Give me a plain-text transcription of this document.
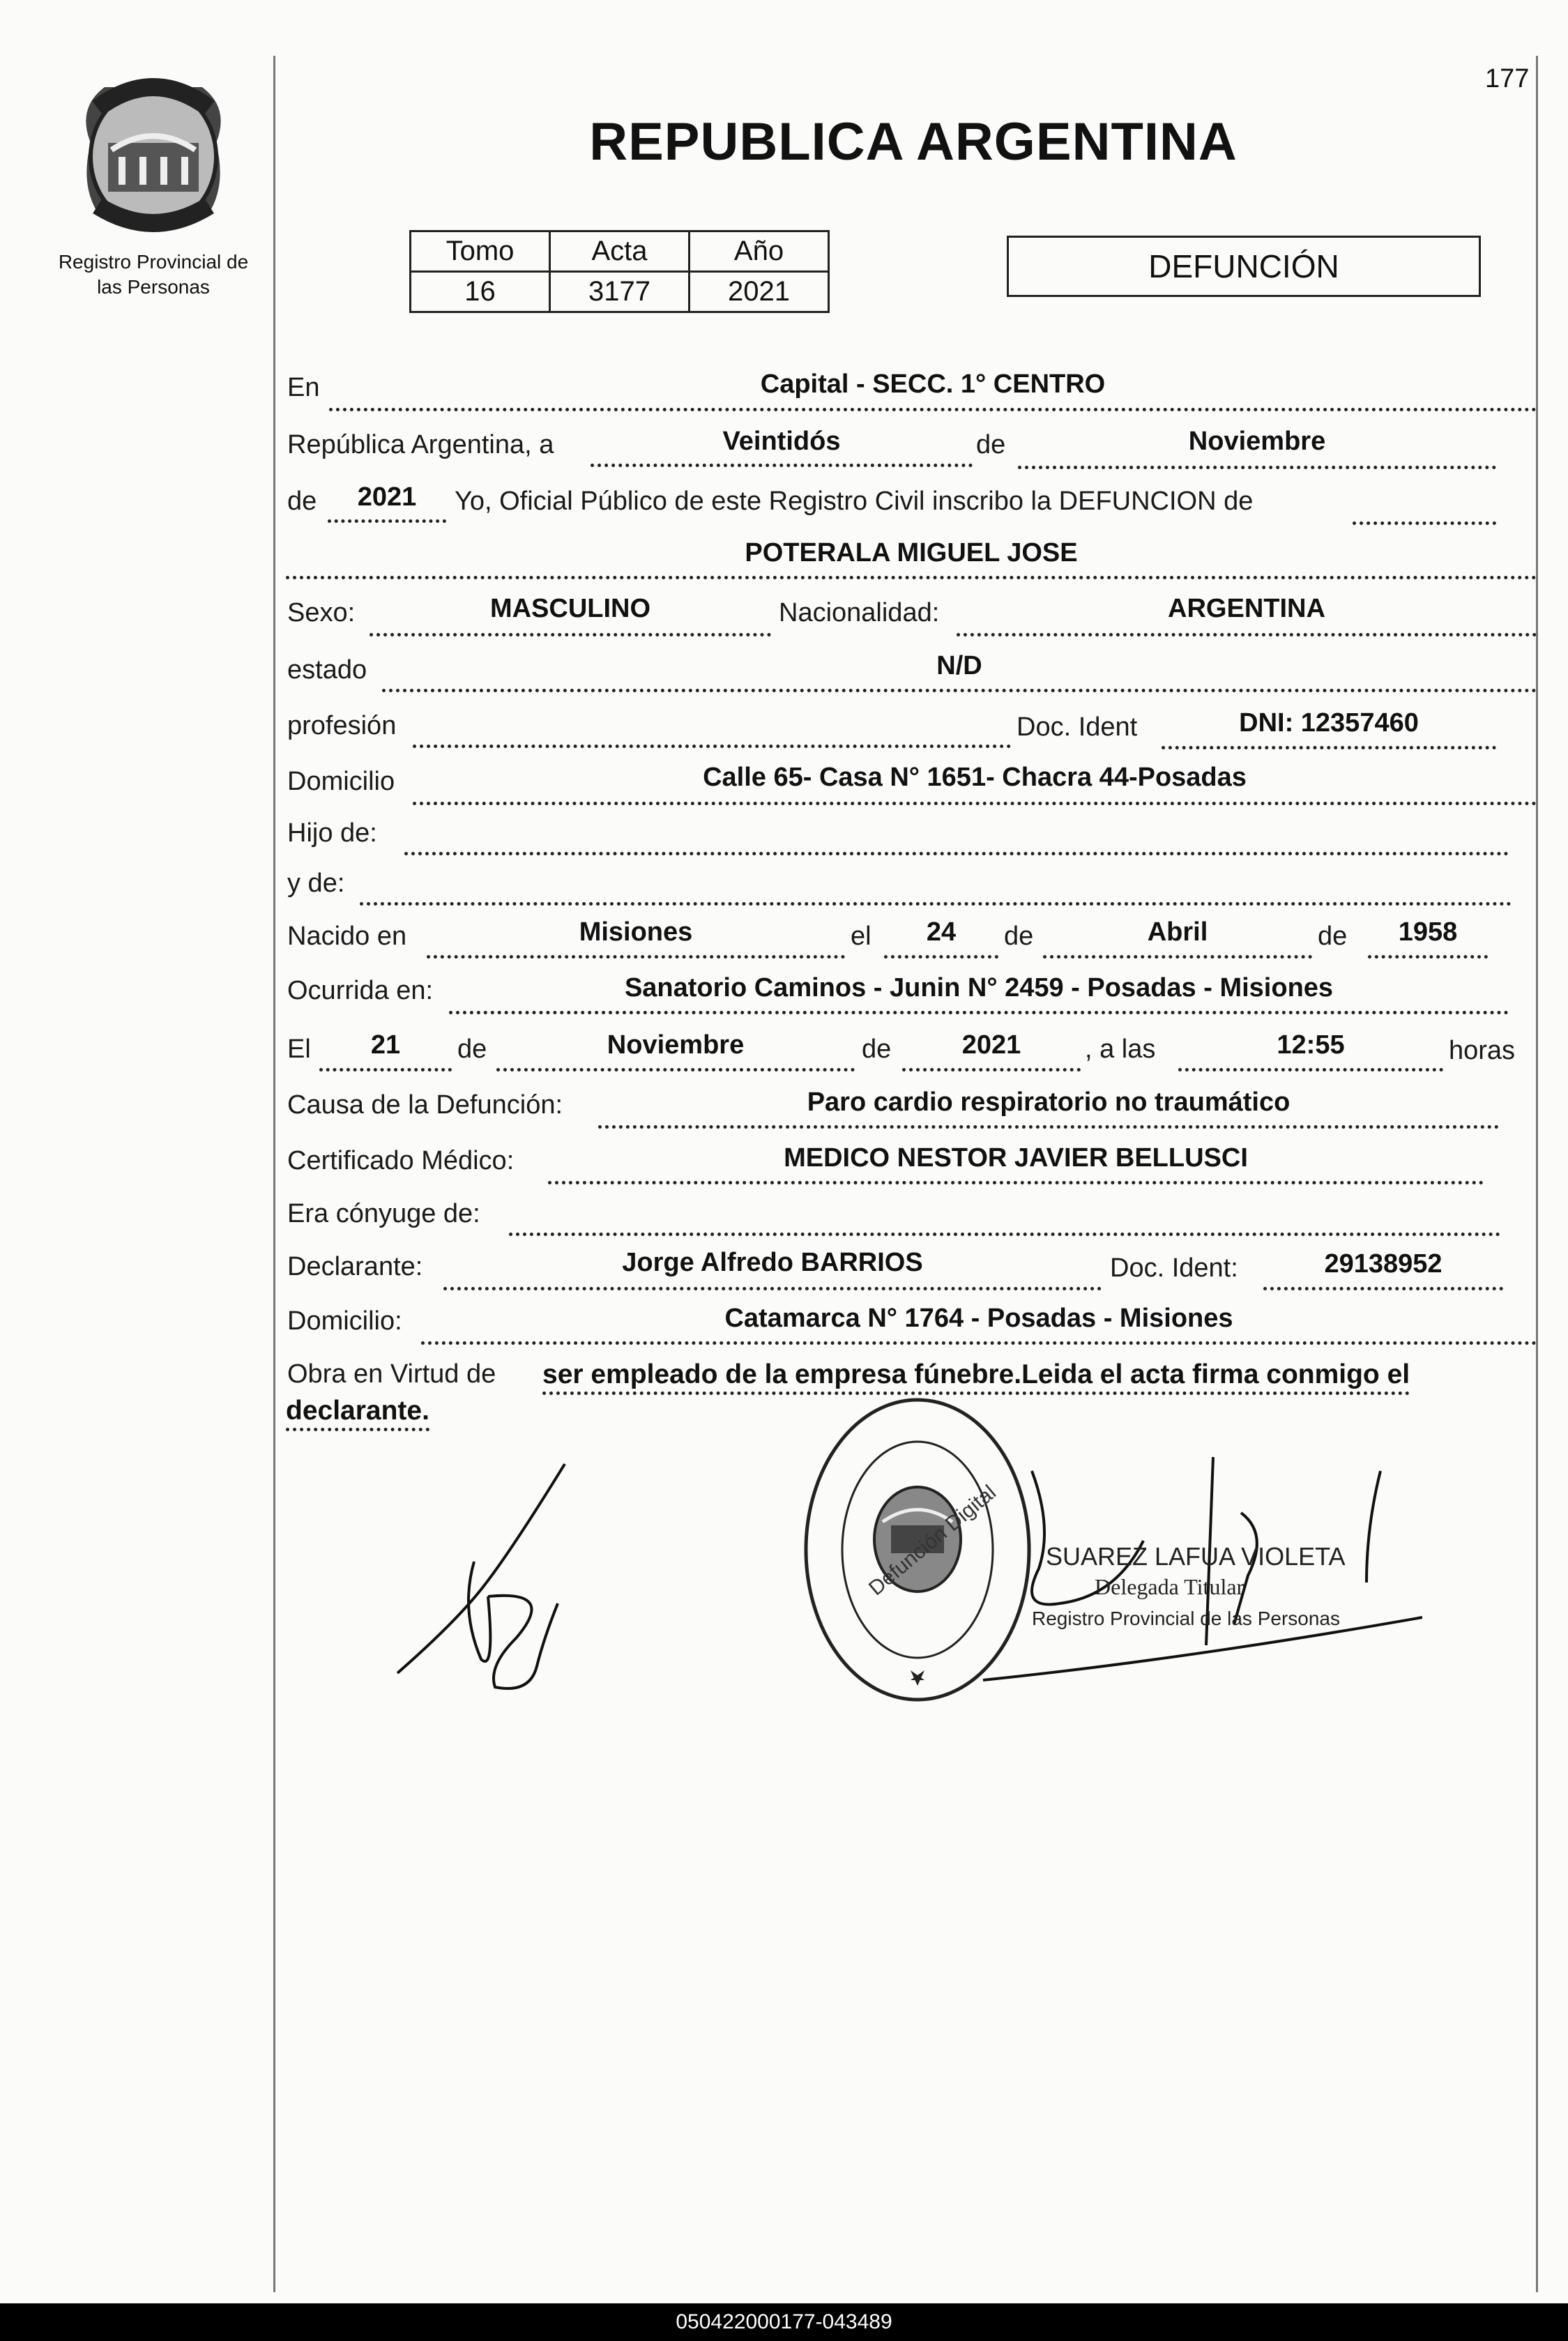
177
Registro Provincial de
las Personas
REPUBLICA ARGENTINA
Tomo	Acta	Año
16	3177	2021
DEFUNCIÓN
En	Capital - SECC. 1° CENTRO
República Argentina, a	Veintidós	de	Noviembre
de	2021	Yo, Oficial Público de este Registro Civil inscribo la DEFUNCION de
POTERALA MIGUEL JOSE
Sexo:	MASCULINO	Nacionalidad:	ARGENTINA
estado	N/D
profesión	Doc. Ident	DNI: 12357460
Domicilio	Calle 65- Casa N° 1651- Chacra 44-Posadas
Hijo de:
y de:
Nacido en	Misiones	el	24	de	Abril	de	1958
Ocurrida en:	Sanatorio Caminos - Junin N° 2459 - Posadas - Misiones
El	21	de	Noviembre	de	2021	, a las	12:55	horas
Causa de la Defunción:	Paro cardio respiratorio no traumático
Certificado Médico:	MEDICO NESTOR JAVIER BELLUSCI
Era cónyuge de:
Declarante:	Jorge Alfredo BARRIOS	Doc. Ident:	29138952
Domicilio:	Catamarca N° 1764 - Posadas - Misiones
Obra en Virtud de ser empleado de la empresa fúnebre.Leida el acta firma conmigo el
declarante.
Defunción Digital SUAREZ LAFUA VIOLETA
Delegada Titular
Registro Provincial de las Personas
050422000177-043489
